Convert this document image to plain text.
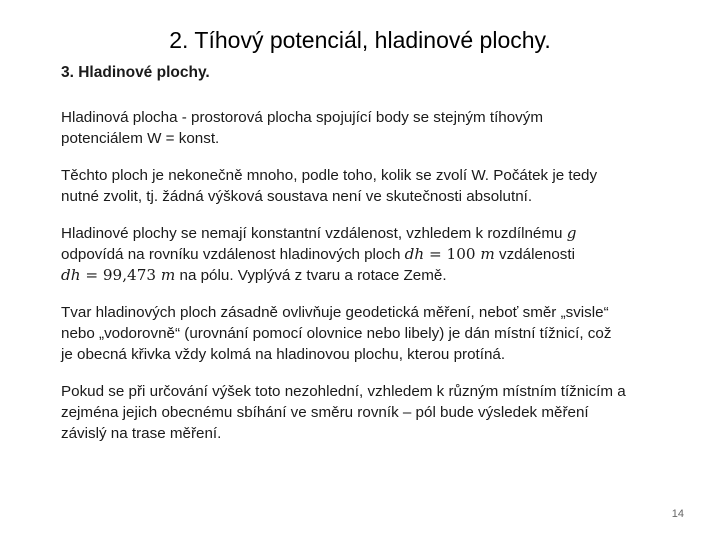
2. Tíhový potenciál, hladinové plochy.
3. Hladinové plochy.
Hladinová plocha - prostorová plocha spojující body se stejným tíhovým
potenciálem W = konst.
Těchto ploch je nekonečně mnoho, podle toho, kolik se zvolí W. Počátek je tedy
nutné zvolit, tj. žádná výšková soustava není ve skutečnosti absolutní.
Hladinové plochy se nemají konstantní vzdálenost, vzhledem k rozdílnému g
odpovídá na rovníku vzdálenost hladinových ploch dh = 100 m vzdálenosti
dh = 99,473 m na pólu. Vyplývá z tvaru a rotace Země.
Tvar hladinových ploch zásadně ovlivňuje geodetická měření, neboť směr „svisle“
nebo „vodorovně“ (urovnání pomocí olovnice nebo libely) je dán místní tížnicí, což
je obecná křivka vždy kolmá na hladinovou plochu, kterou protíná.
Pokud se při určování výšek toto nezohlední, vzhledem k různým místním tížnicím a
zejména jejich obecnému sbíhání ve směru rovník – pól bude výsledek měření
závislý na trase měření.
14
